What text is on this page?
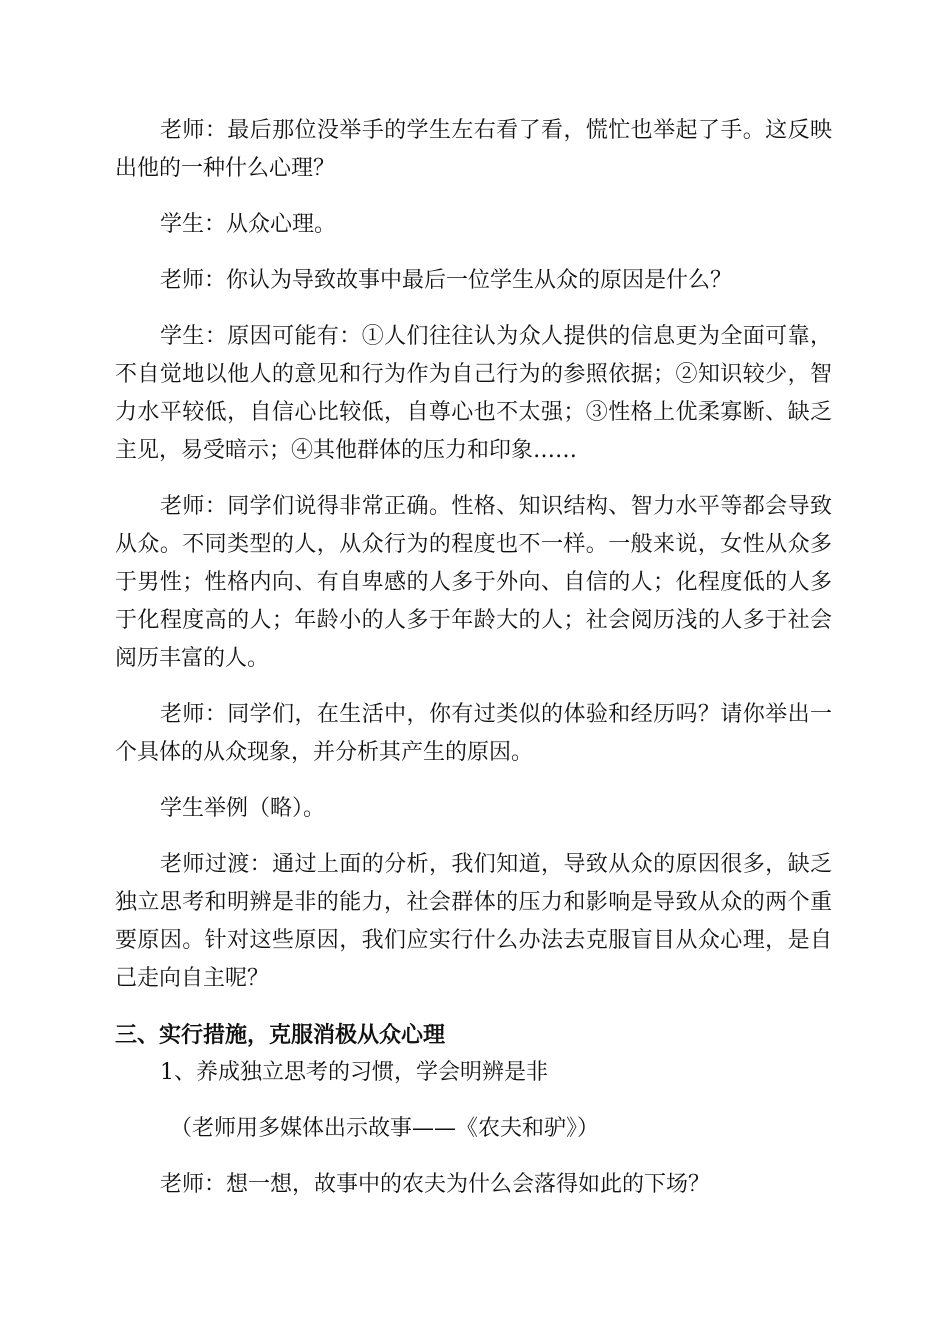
老师：最后那位没举手的学生左右看了看，慌忙也举起了手。这反映出他的一种什么心理？

学生：从众心理。

老师：你认为导致故事中最后一位学生从众的原因是什么？

学生：原因可能有：①人们往往认为众人提供的信息更为全面可靠，不自觉地以他人的意见和行为作为自己行为的参照依据；②知识较少，智力水平较低，自信心比较低，自尊心也不太强；③性格上优柔寡断、缺乏主见，易受暗示；④其他群体的压力和印象……

老师：同学们说得非常正确。性格、知识结构、智力水平等都会导致从众。不同类型的人，从众行为的程度也不一样。一般来说，女性从众多于男性；性格内向、有自卑感的人多于外向、自信的人；化程度低的人多于化程度高的人；年龄小的人多于年龄大的人；社会阅历浅的人多于社会阅历丰富的人。

老师：同学们，在生活中，你有过类似的体验和经历吗？请你举出一个具体的从众现象，并分析其产生的原因。

学生举例（略）。

老师过渡：通过上面的分析，我们知道，导致从众的原因很多，缺乏独立思考和明辨是非的能力，社会群体的压力和影响是导致从众的两个重要原因。针对这些原因，我们应实行什么办法去克服盲目从众心理，是自己走向自主呢？

三、实行措施，克服消极从众心理

1、养成独立思考的习惯，学会明辨是非

（老师用多媒体出示故事——《农夫和驴》）

老师：想一想，故事中的农夫为什么会落得如此的下场？
